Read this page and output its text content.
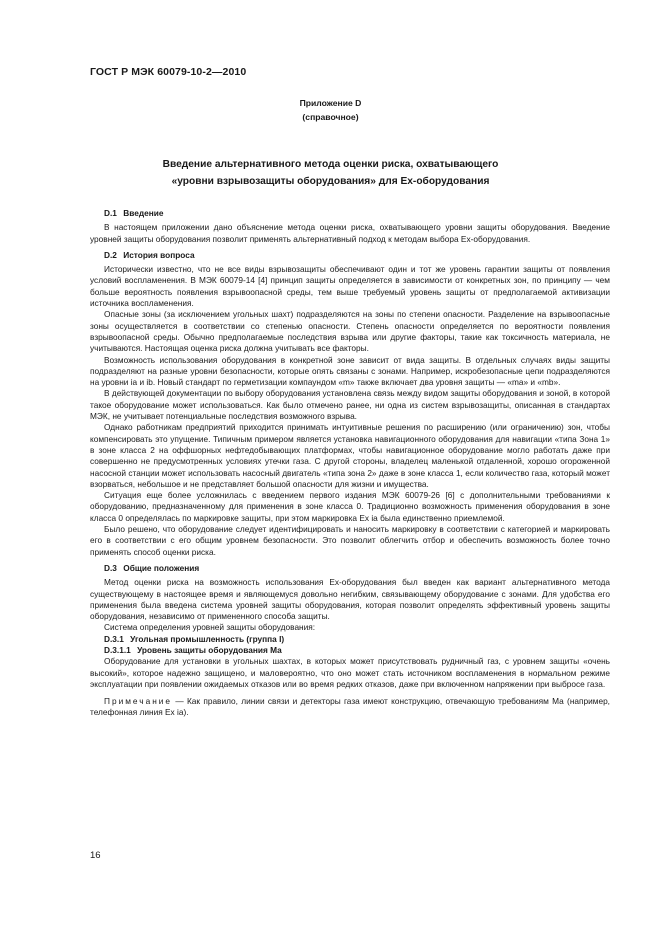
ГОСТ Р МЭК 60079-10-2—2010
Приложение D
(справочное)
Введение альтернативного метода оценки риска, охватывающего
«уровни взрывозащиты оборудования» для Ex-оборудования
D.1 Введение

В настоящем приложении дано объяснение метода оценки риска, охватывающего уровни защиты оборудования. Введение уровней защиты оборудования позволит применять альтернативный подход к методам выбора Ex-оборудования.

D.2 История вопроса

Исторически известно, что не все виды взрывозащиты обеспечивают один и тот же уровень гарантии защиты от появления условий воспламенения. В МЭК 60079-14 [4] принцип защиты определяется в зависимости от конкретных зон, по принципу — чем больше вероятность появления взрывоопасной среды, тем выше требуемый уровень защиты от предполагаемой активизации источника воспламенения.

Опасные зоны (за исключением угольных шахт) подразделяются на зоны по степени опасности. Разделение на взрывоопасные зоны осуществляется в соответствии со степенью опасности. Степень опасности определяется по вероятности появления взрывоопасной среды. Обычно предполагаемые последствия взрыва или другие факторы, такие как токсичность материала, не учитываются. Настоящая оценка риска должна учитывать все факторы.

Возможность использования оборудования в конкретной зоне зависит от вида защиты. В отдельных случаях виды защиты подразделяют на разные уровни безопасности, которые опять связаны с зонами. Например, искробезопасные цепи подразделяются на уровни ia и ib. Новый стандарт по герметизации компаундом «m» также включает два уровня защиты — «ma» и «mb».

В действующей документации по выбору оборудования установлена связь между видом защиты оборудования и зоной, в которой такое оборудование может использоваться. Как было отмечено ранее, ни одна из систем взрывозащиты, описанная в стандартах МЭК, не учитывает потенциальные последствия возможного взрыва.

Однако работникам предприятий приходится принимать интуитивные решения по расширению (или ограничению) зон, чтобы компенсировать это упущение. Типичным примером является установка навигационного оборудования для навигации «типа Зона 1» в зоне класса 2 на оффшорных нефтедобывающих платформах, чтобы навигационное оборудование могло работать даже при совершенно не предусмотренных условиях утечки газа. С другой стороны, владелец маленькой отдаленной, хорошо огороженной насосной станции может использовать насосный двигатель «типа зона 2» даже в зоне класса 1, если количество газа, который может взорваться, небольшое и не представляет большой опасности для жизни и имущества.

Ситуация еще более усложнилась с введением первого издания МЭК 60079-26 [6] с дополнительными требованиями к оборудованию, предназначенному для применения в зоне класса 0. Традиционно возможность применения оборудования в зоне класса 0 определялась по маркировке защиты, при этом маркировка Ex ia была единственно приемлемой.

Было решено, что оборудование следует идентифицировать и наносить маркировку в соответствии с категорией и маркировать его в соответствии с его общим уровнем безопасности. Это позволит облегчить отбор и обеспечить возможность более точно применять способ оценки риска.

D.3 Общие положения

Метод оценки риска на возможность использования Ex-оборудования был введен как вариант альтернативного метода существующему в настоящее время и являющемуся довольно негибким, связывающему оборудование с зонами. Для удобства его применения была введена система уровней защиты оборудования, которая позволит определять эффективный уровень защиты оборудования, независимо от примененного способа защиты.

Система определения уровней защиты оборудования:

D.3.1 Угольная промышленность (группа I)
D.3.1.1 Уровень защиты оборудования Ма

Оборудование для установки в угольных шахтах, в которых может присутствовать рудничный газ, с уровнем защиты «очень высокий», которое надежно защищено, и маловероятно, что оно может стать источником воспламенения в нормальном режиме эксплуатации при появлении ожидаемых отказов или во время редких отказов, даже при включенном напряжении при выбросе газа.

Примечание — Как правило, линии связи и детекторы газа имеют конструкцию, отвечающую требованиям Ма (например, телефонная линия Ex ia).

16
